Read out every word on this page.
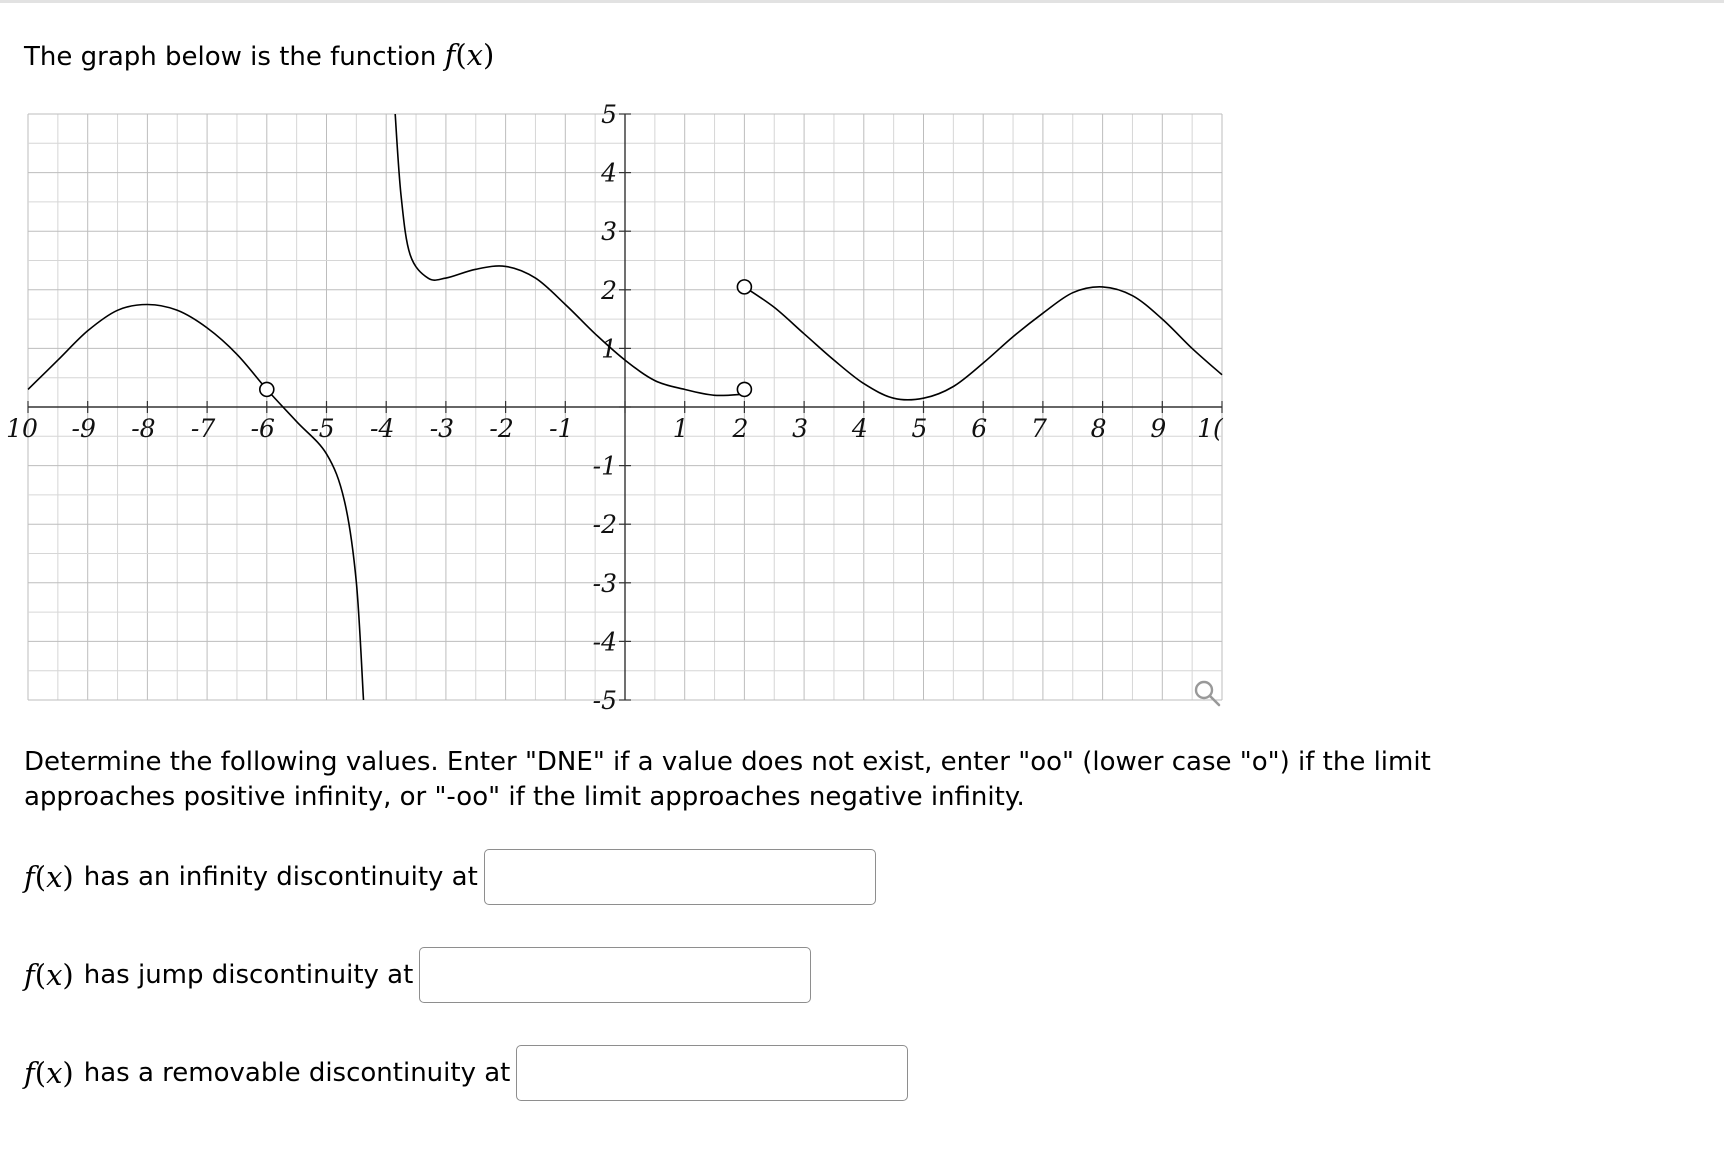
The graph below is the function f(x)
10 -9 -8 -7 -6 -5 -4 -3 -2 -1	1 2 3 4 5 6 7 8 9 1(
5
4
3
2
1
-1
-2
-3
-4
-5
Determine the following values. Enter "DNE" if a value does not exist, enter "oo" (lower case "o") if the limit approaches positive infinity, or "-oo" if the limit approaches negative infinity.
f ( x ) has an infinity discontinuity at
f ( x ) has jump discontinuity at
f ( x ) has a removable discontinuity at
